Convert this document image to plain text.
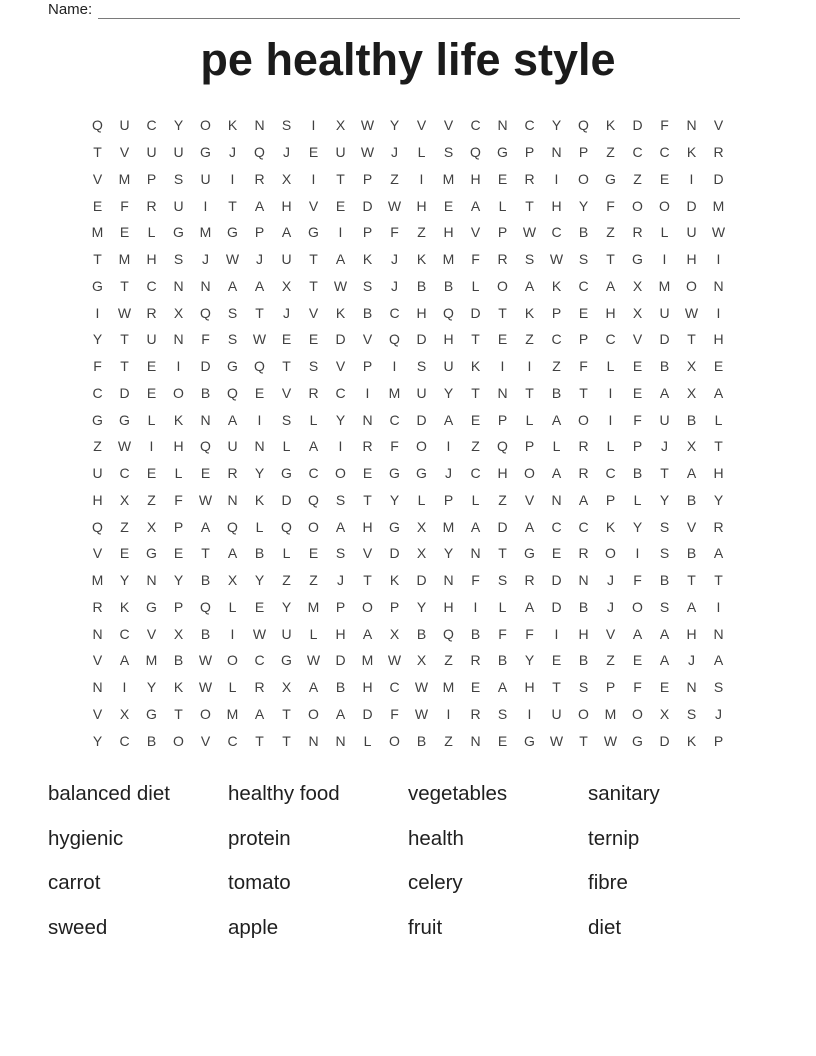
Name:
pe healthy life style
Q	U	C	Y	O	K	N	S	I	X	W	Y	V	V	C	N	C	Y	Q	K	D	F	N	V
T	V	U	U	G	J	Q	J	E	U	W	J	L	S	Q	G	P	N	P	Z	C	C	K	R
V	M	P	S	U	I	R	X	I	T	P	Z	I	M	H	E	R	I	O	G	Z	E	I	D
E	F	R	U	I	T	A	H	V	E	D	W	H	E	A	L	T	H	Y	F	O	O	D	M
M	E	L	G	M	G	P	A	G	I	P	F	Z	H	V	P	W	C	B	Z	R	L	U	W
T	M	H	S	J	W	J	U	T	A	K	J	K	M	F	R	S	W	S	T	G	I	H	I
G	T	C	N	N	A	A	X	T	W	S	J	B	B	L	O	A	K	C	A	X	M	O	N
I	W	R	X	Q	S	T	J	V	K	B	C	H	Q	D	T	K	P	E	H	X	U	W	I
Y	T	U	N	F	S	W	E	E	D	V	Q	D	H	T	E	Z	C	P	C	V	D	T	H
F	T	E	I	D	G	Q	T	S	V	P	I	S	U	K	I	I	Z	F	L	E	B	X	E
C	D	E	O	B	Q	E	V	R	C	I	M	U	Y	T	N	T	B	T	I	E	A	X	A
G	G	L	K	N	A	I	S	L	Y	N	C	D	A	E	P	L	A	O	I	F	U	B	L
Z	W	I	H	Q	U	N	L	A	I	R	F	O	I	Z	Q	P	L	R	L	P	J	X	T
U	C	E	L	E	R	Y	G	C	O	E	G	G	J	C	H	O	A	R	C	B	T	A	H
H	X	Z	F	W	N	K	D	Q	S	T	Y	L	P	L	Z	V	N	A	P	L	Y	B	Y
Q	Z	X	P	A	Q	L	Q	O	A	H	G	X	M	A	D	A	C	C	K	Y	S	V	R
V	E	G	E	T	A	B	L	E	S	V	D	X	Y	N	T	G	E	R	O	I	S	B	A
M	Y	N	Y	B	X	Y	Z	Z	J	T	K	D	N	F	S	R	D	N	J	F	B	T	T
R	K	G	P	Q	L	E	Y	M	P	O	P	Y	H	I	L	A	D	B	J	O	S	A	I
N	C	V	X	B	I	W	U	L	H	A	X	B	Q	B	F	F	I	H	V	A	A	H	N
V	A	M	B	W	O	C	G	W	D	M	W	X	Z	R	B	Y	E	B	Z	E	A	J	A
N	I	Y	K	W	L	R	X	A	B	H	C	W	M	E	A	H	T	S	P	F	E	N	S
V	X	G	T	O	M	A	T	O	A	D	F	W	I	R	S	I	U	O	M	O	X	S	J
Y	C	B	O	V	C	T	T	N	N	L	O	B	Z	N	E	G	W	T	W	G	D	K	P
balanced diet	healthy food	vegetables	sanitary
hygienic	protein	health	ternip
carrot	tomato	celery	fibre
sweed	apple	fruit	diet
